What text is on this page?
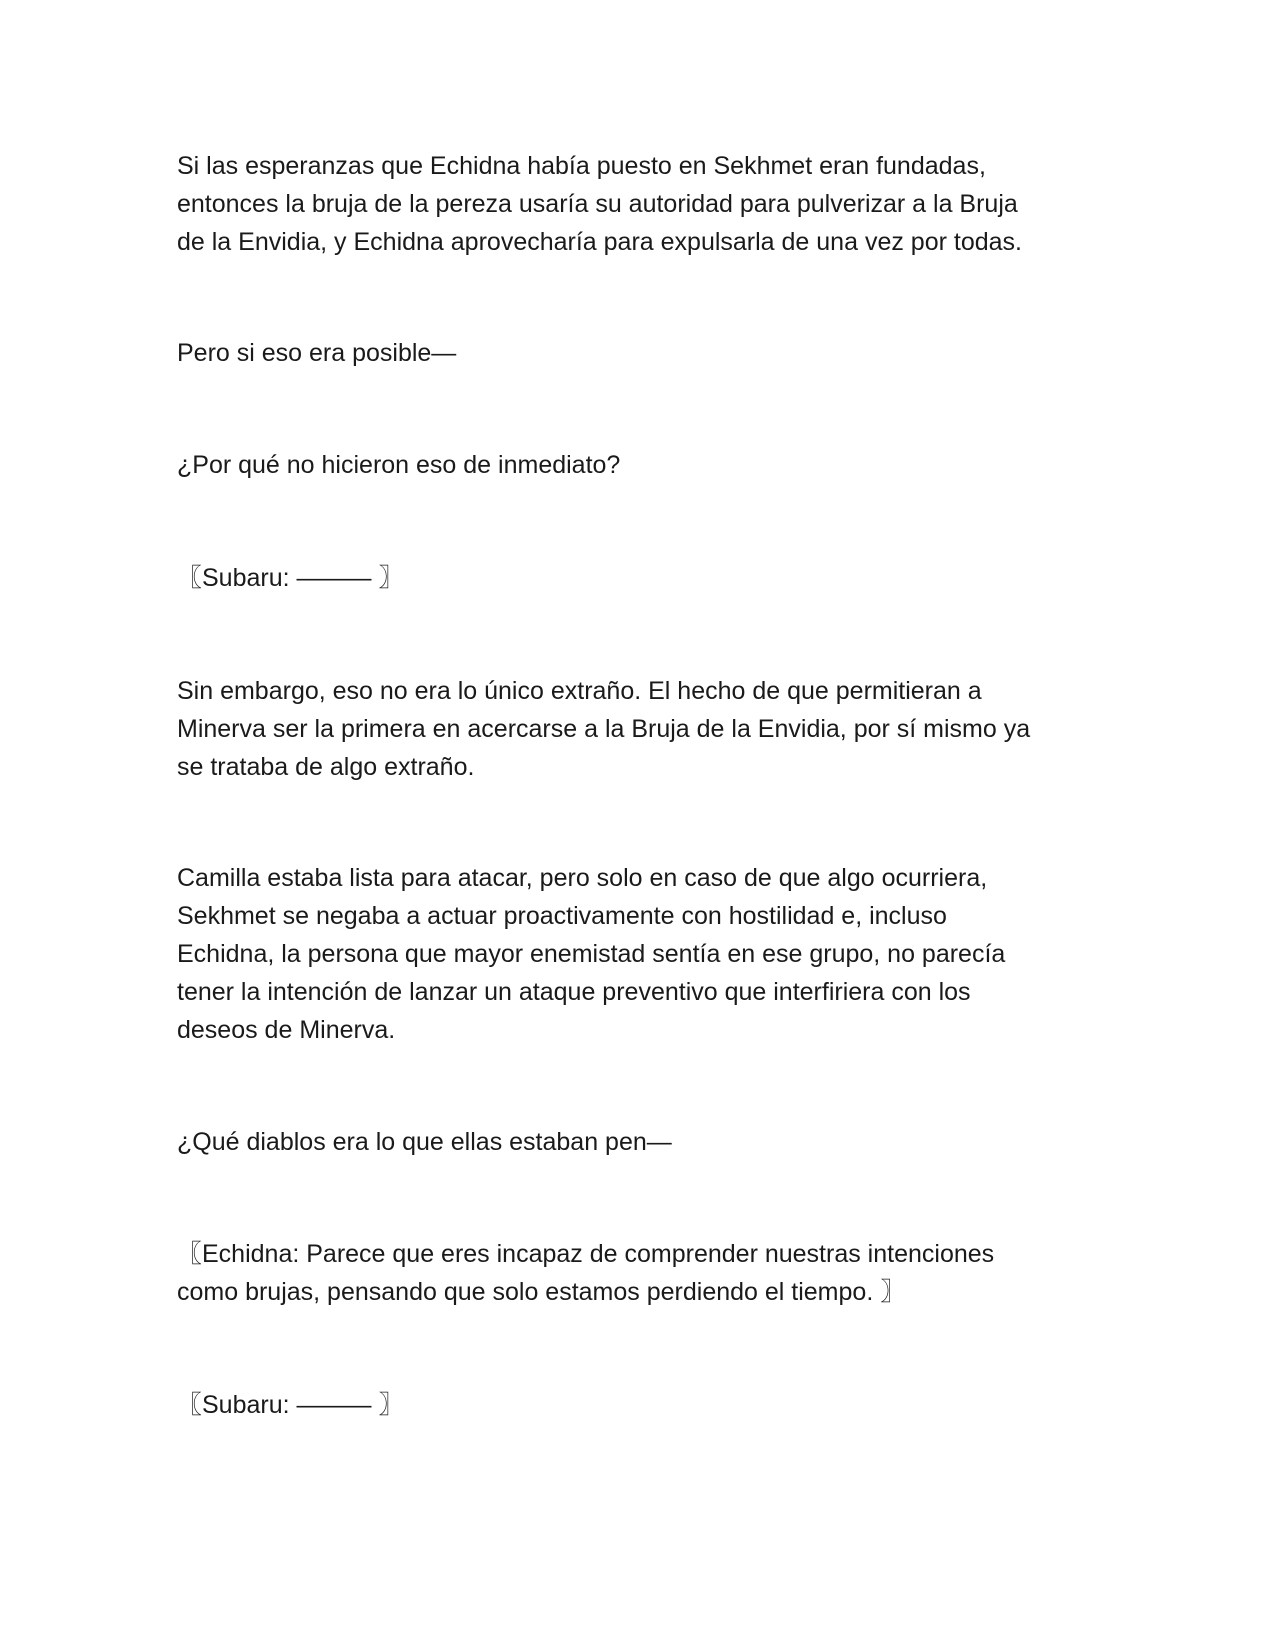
Si las esperanzas que Echidna había puesto en Sekhmet eran fundadas,
entonces la bruja de la pereza usaría su autoridad para pulverizar a la Bruja
de la Envidia, y Echidna aprovecharía para expulsarla de una vez por todas.

Pero si eso era posible—

¿Por qué no hicieron eso de inmediato?

〖Subaru: ——— 〗

Sin embargo, eso no era lo único extraño. El hecho de que permitieran a
Minerva ser la primera en acercarse a la Bruja de la Envidia, por sí mismo ya
se trataba de algo extraño.

Camilla estaba lista para atacar, pero solo en caso de que algo ocurriera,
Sekhmet se negaba a actuar proactivamente con hostilidad e, incluso
Echidna, la persona que mayor enemistad sentía en ese grupo, no parecía
tener la intención de lanzar un ataque preventivo que interfiriera con los
deseos de Minerva.

¿Qué diablos era lo que ellas estaban pen—

〖Echidna: Parece que eres incapaz de comprender nuestras intenciones
como brujas, pensando que solo estamos perdiendo el tiempo. 〗

〖Subaru: ——— 〗
